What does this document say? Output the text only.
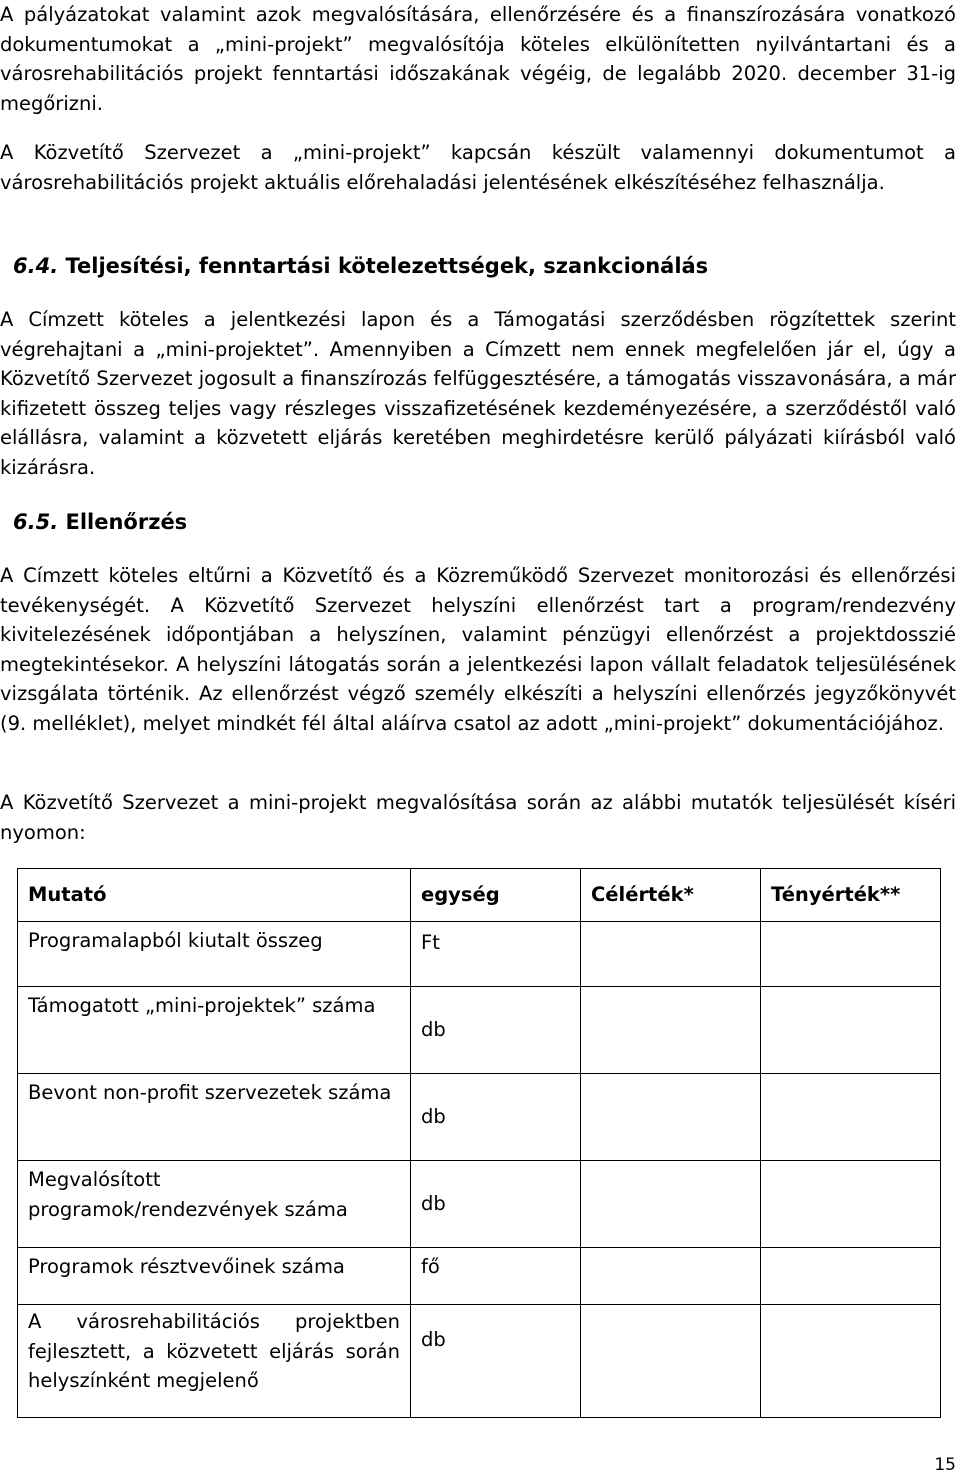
A pályázatokat valamint azok megvalósítására, ellenőrzésére és a finanszírozására vonatkozó dokumentumokat a „mini-projekt” megvalósítója köteles elkülönítetten nyilvántartani és a városrehabilitációs projekt fenntartási időszakának végéig, de legalább 2020. december 31-ig megőrizni.

A Közvetítő Szervezet a „mini-projekt” kapcsán készült valamennyi dokumentumot a városrehabilitációs projekt aktuális előrehaladási jelentésének elkészítéséhez felhasználja.

6.4. Teljesítési, fenntartási kötelezettségek, szankcionálás

A Címzett köteles a jelentkezési lapon és a Támogatási szerződésben rögzítettek szerint végrehajtani a „mini-projektet”. Amennyiben a Címzett nem ennek megfelelően jár el, úgy a Közvetítő Szervezet jogosult a finanszírozás felfüggesztésére, a támogatás visszavonására, a már kifizetett összeg teljes vagy részleges visszafizetésének kezdeményezésére, a szerződéstől való elállásra, valamint a közvetett eljárás keretében meghirdetésre kerülő pályázati kiírásból való kizárásra.

6.5. Ellenőrzés

A Címzett köteles eltűrni a Közvetítő és a Közreműködő Szervezet monitorozási és ellenőrzési tevékenységét. A Közvetítő Szervezet helyszíni ellenőrzést tart a program/rendezvény kivitelezésének időpontjában a helyszínen, valamint pénzügyi ellenőrzést a projektdosszié megtekintésekor. A helyszíni látogatás során a jelentkezési lapon vállalt feladatok teljesülésének vizsgálata történik. Az ellenőrzést végző személy elkészíti a helyszíni ellenőrzés jegyzőkönyvét (9. melléklet), melyet mindkét fél által aláírva csatol az adott „mini-projekt” dokumentációjához.

A Közvetítő Szervezet a mini-projekt megvalósítása során az alábbi mutatók teljesülését kíséri nyomon:

Mutató	egység	Célérték*	Tényérték**

Programalapból kiutalt összeg	Ft		

Támogatott „mini-projektek” száma	db		

Bevont non-profit szervezetek száma	db		

Megvalósított programok/rendezvények száma	db		

Programok résztvevőinek száma	fő		

A városrehabilitációs projektben fejlesztett, a közvetett eljárás során helyszínként megjelenő	db		

15
